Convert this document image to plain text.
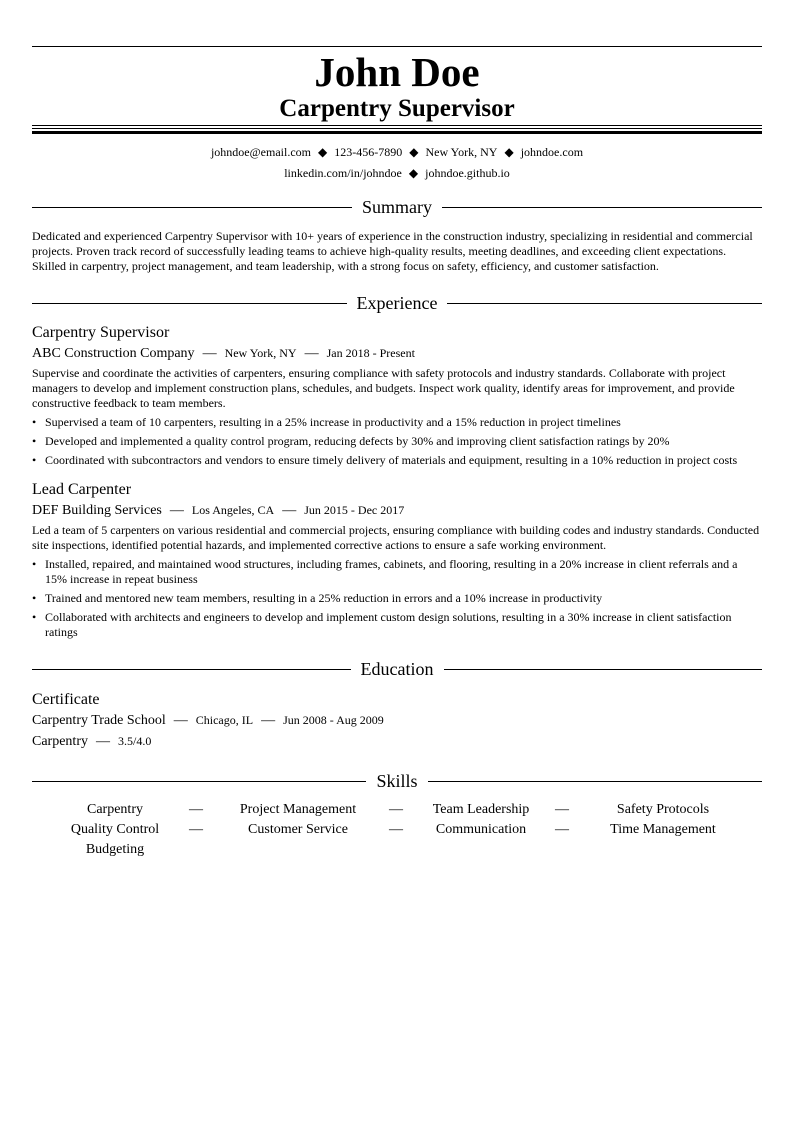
John Doe
Carpentry Supervisor
johndoe@email.com ◆ 123-456-7890 ◆ New York, NY ◆ johndoe.com
linkedin.com/in/johndoe ◆ johndoe.github.io
Summary
Dedicated and experienced Carpentry Supervisor with 10+ years of experience in the construction industry, specializing in residential and commercial projects. Proven track record of successfully leading teams to achieve high-quality results, meeting deadlines, and exceeding client expectations. Skilled in carpentry, project management, and team leadership, with a strong focus on safety, efficiency, and customer satisfaction.
Experience
Carpentry Supervisor
ABC Construction Company — New York, NY — Jan 2018 - Present
Supervise and coordinate the activities of carpenters, ensuring compliance with safety protocols and industry standards. Collaborate with project managers to develop and implement construction plans, schedules, and budgets. Inspect work quality, identify areas for improvement, and provide constructive feedback to team members.
• Supervised a team of 10 carpenters, resulting in a 25% increase in productivity and a 15% reduction in project timelines
• Developed and implemented a quality control program, reducing defects by 30% and improving client satisfaction ratings by 20%
• Coordinated with subcontractors and vendors to ensure timely delivery of materials and equipment, resulting in a 10% reduction in project costs
Lead Carpenter
DEF Building Services — Los Angeles, CA — Jun 2015 - Dec 2017
Led a team of 5 carpenters on various residential and commercial projects, ensuring compliance with building codes and industry standards. Conducted site inspections, identified potential hazards, and implemented corrective actions to ensure a safe working environment.
• Installed, repaired, and maintained wood structures, including frames, cabinets, and flooring, resulting in a 20% increase in client referrals and a 15% increase in repeat business
• Trained and mentored new team members, resulting in a 25% reduction in errors and a 10% increase in productivity
• Collaborated with architects and engineers to develop and implement custom design solutions, resulting in a 30% increase in client satisfaction ratings
Education
Certificate
Carpentry Trade School — Chicago, IL — Jun 2008 - Aug 2009
Carpentry — 3.5/4.0
Skills
Carpentry	—	Project Management	—	Team Leadership	—	Safety Protocols
Quality Control	—	Customer Service	—	Communication	—	Time Management
Budgeting
